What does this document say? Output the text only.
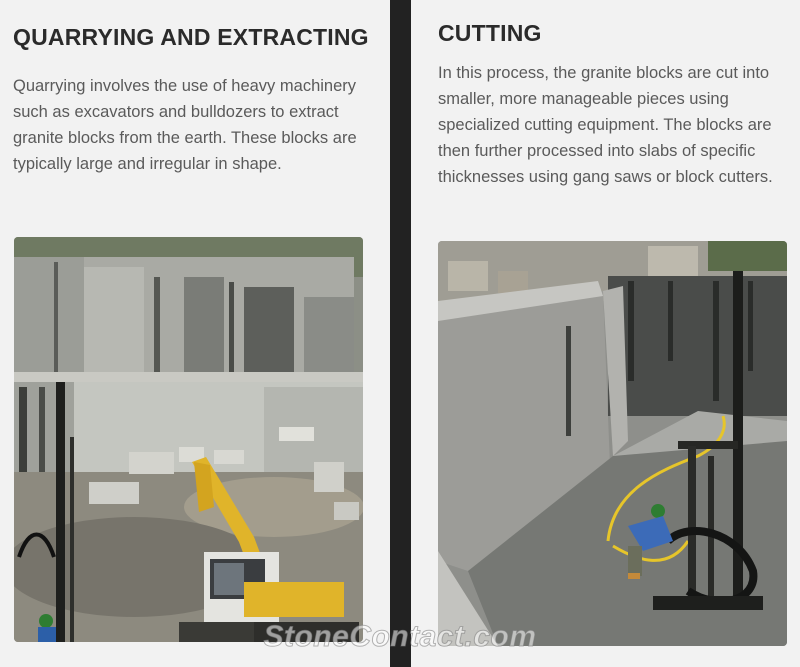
QUARRYING AND EXTRACTING

Quarrying involves the use of heavy machinery such as excavators and bulldozers to extract granite blocks from the earth. These blocks are typically large and irregular in shape.

CUTTING

In this process, the granite blocks are cut into smaller, more manageable pieces using specialized cutting equipment. The blocks are then further processed into slabs of specific thicknesses using gang saws or block cutters.

StoneContact.com
